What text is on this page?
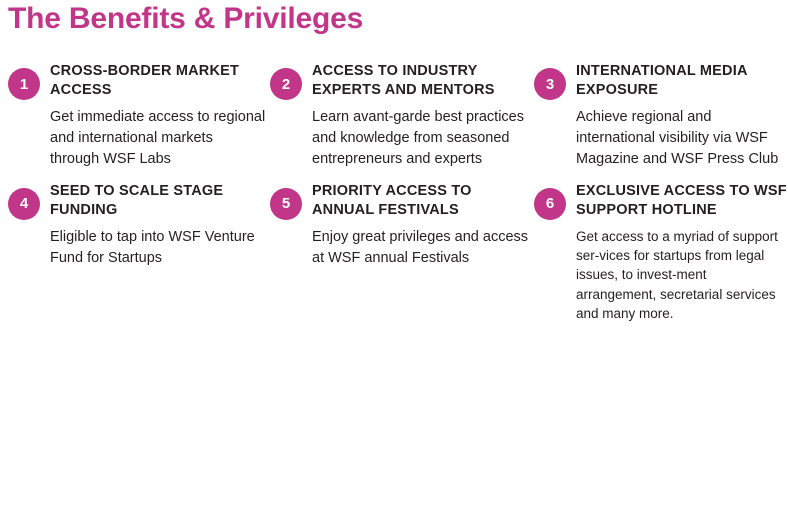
The Benefits & Privileges
1
CROSS-BORDER MARKET ACCESS
Get immediate access to regional and international markets through WSF Labs
2
ACCESS TO INDUSTRY EXPERTS AND MENTORS
Learn avant-garde best practices and knowledge from seasoned entrepreneurs and experts
3
INTERNATIONAL MEDIA EXPOSURE
Achieve regional and international visibility via WSF Magazine and WSF Press Club
4
SEED TO SCALE STAGE FUNDING
Eligible to tap into WSF Venture Fund for Startups
5
PRIORITY ACCESS TO ANNUAL FESTIVALS
Enjoy great privileges and access at WSF annual Festivals
6
EXCLUSIVE ACCESS TO WSF SUPPORT HOTLINE
Get access to a myriad of support ser-vices for startups from legal issues, to invest-ment arrangement, secretarial services and many more.
